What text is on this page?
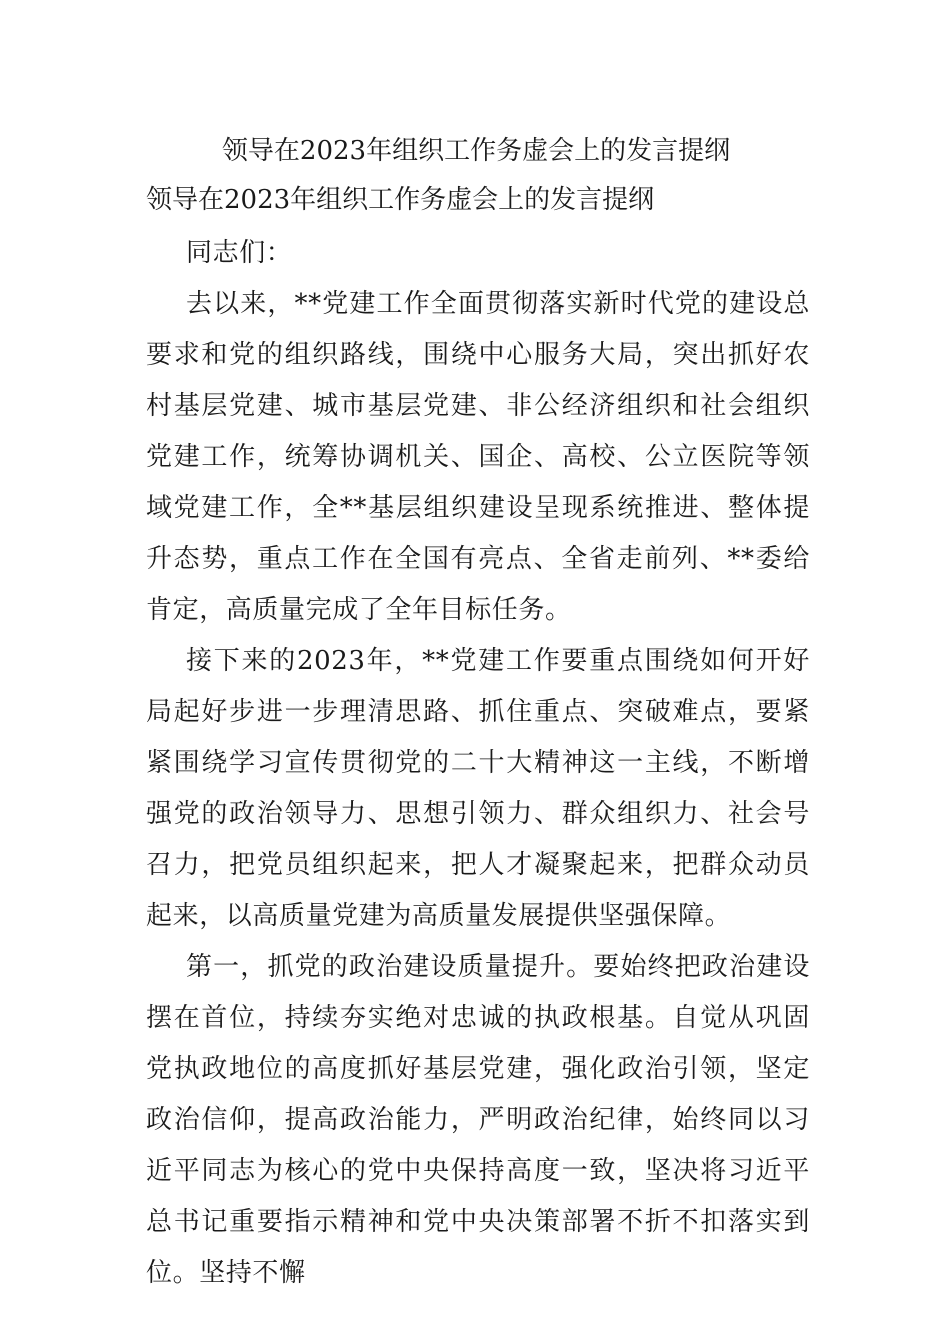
领导在2023年组织工作务虚会上的发言提纲
领导在2023年组织工作务虚会上的发言提纲

同志们：

去以来，**党建工作全面贯彻落实新时代党的建设总要求和党的组织路线，围绕中心服务大局，突出抓好农村基层党建、城市基层党建、非公经济组织和社会组织党建工作，统筹协调机关、国企、高校、公立医院等领域党建工作，全**基层组织建设呈现系统推进、整体提升态势，重点工作在全国有亮点、全省走前列、**委给肯定，高质量完成了全年目标任务。

接下来的2023年，**党建工作要重点围绕如何开好局起好步进一步理清思路、抓住重点、突破难点，要紧紧围绕学习宣传贯彻党的二十大精神这一主线，不断增强党的政治领导力、思想引领力、群众组织力、社会号召力，把党员组织起来，把人才凝聚起来，把群众动员起来，以高质量党建为高质量发展提供坚强保障。

第一，抓党的政治建设质量提升。要始终把政治建设摆在首位，持续夯实绝对忠诚的执政根基。自觉从巩固党执政地位的高度抓好基层党建，强化政治引领，坚定政治信仰，提高政治能力，严明政治纪律，始终同以习近平同志为核心的党中央保持高度一致，坚决将习近平总书记重要指示精神和党中央决策部署不折不扣落实到位。坚持不懈
